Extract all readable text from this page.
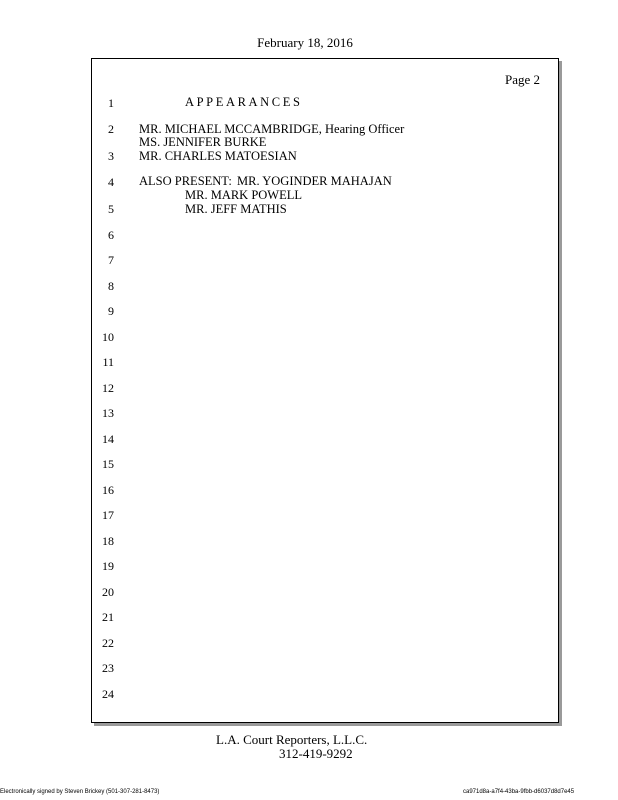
February 18, 2016
Page 2
1
2
3
4
5
6
7
8
9
10
11
12
13
14
15
16
17
18
19
20
21
22
23
24
APPEARANCES
MR. MICHAEL MCCAMBRIDGE, Hearing Officer
MS. JENNIFER BURKE
MR. CHARLES MATOESIAN
ALSO PRESENT: MR. YOGINDER MAHAJAN
MR. MARK POWELL
MR. JEFF MATHIS
L.A. Court Reporters, L.L.C.
312-419-9292
Electronically signed by Steven Brickey (501-307-281-8473)	ca971d8a-a7f4-43ba-9fbb-d6037d8d7e45
